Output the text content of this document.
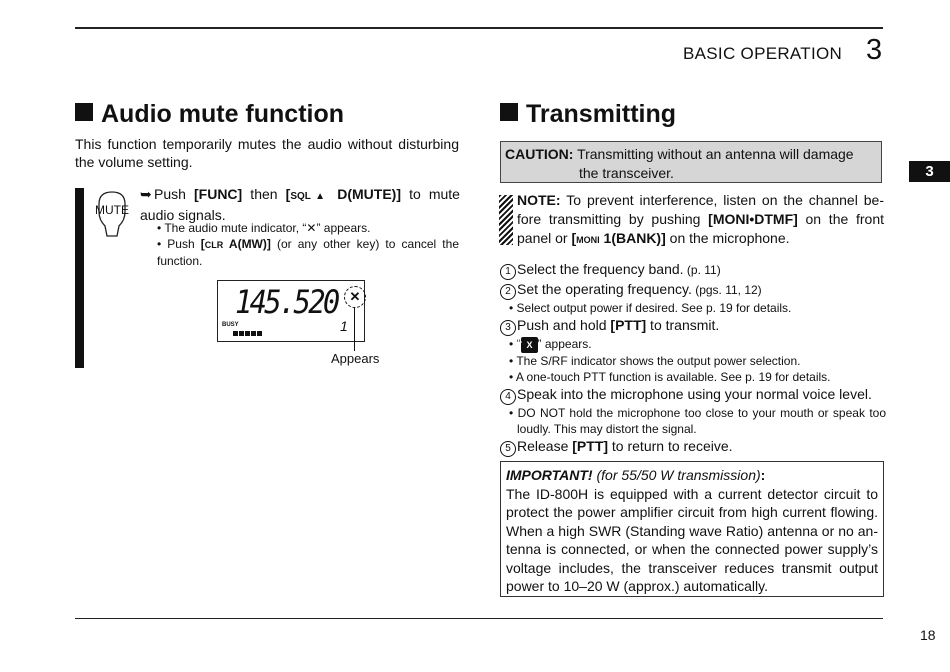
BASIC OPERATION 3
3
Audio mute function
This function temporarily mutes the audio without disturbing the volume setting.
MUTE
➥ Push [FUNC] then [SQL▲ D(MUTE)] to mute audio signals.
• The audio mute indicator, “✕” appears.
• Push [CLR A(MW)] (or any other key) to cancel the function.
145.520
BUSY	1
✕
Appears
Transmitting
CAUTION: Transmitting without an antenna will damage
the transceiver.
NOTE: To prevent interference, listen on the channel be-fore transmitting by pushing [MONI•DTMF] on the front panel or [MONI 1(BANK)] on the microphone.
1 Select the frequency band. (p. 11)
2 Set the operating frequency. (pgs. 11, 12)
• Select output power if desired. See p. 19 for details.
3 Push and hold [PTT] to transmit.
• “T X ” appears.
• The S/RF indicator shows the output power selection.
• A one-touch PTT function is available. See p. 19 for details.
4 Speak into the microphone using your normal voice level.
• DO NOT hold the microphone too close to your mouth or speak too loudly. This may distort the signal.
5 Release [PTT] to return to receive.
IMPORTANT! (for 55/50 W transmission):
The ID-800H is equipped with a current detector circuit to protect the power amplifier circuit from high current flowing. When a high SWR (Standing wave Ratio) antenna or no an-tenna is connected, or when the connected power supply’s voltage includes, the transceiver reduces transmit output power to 10–20 W (approx.) automatically.
18
